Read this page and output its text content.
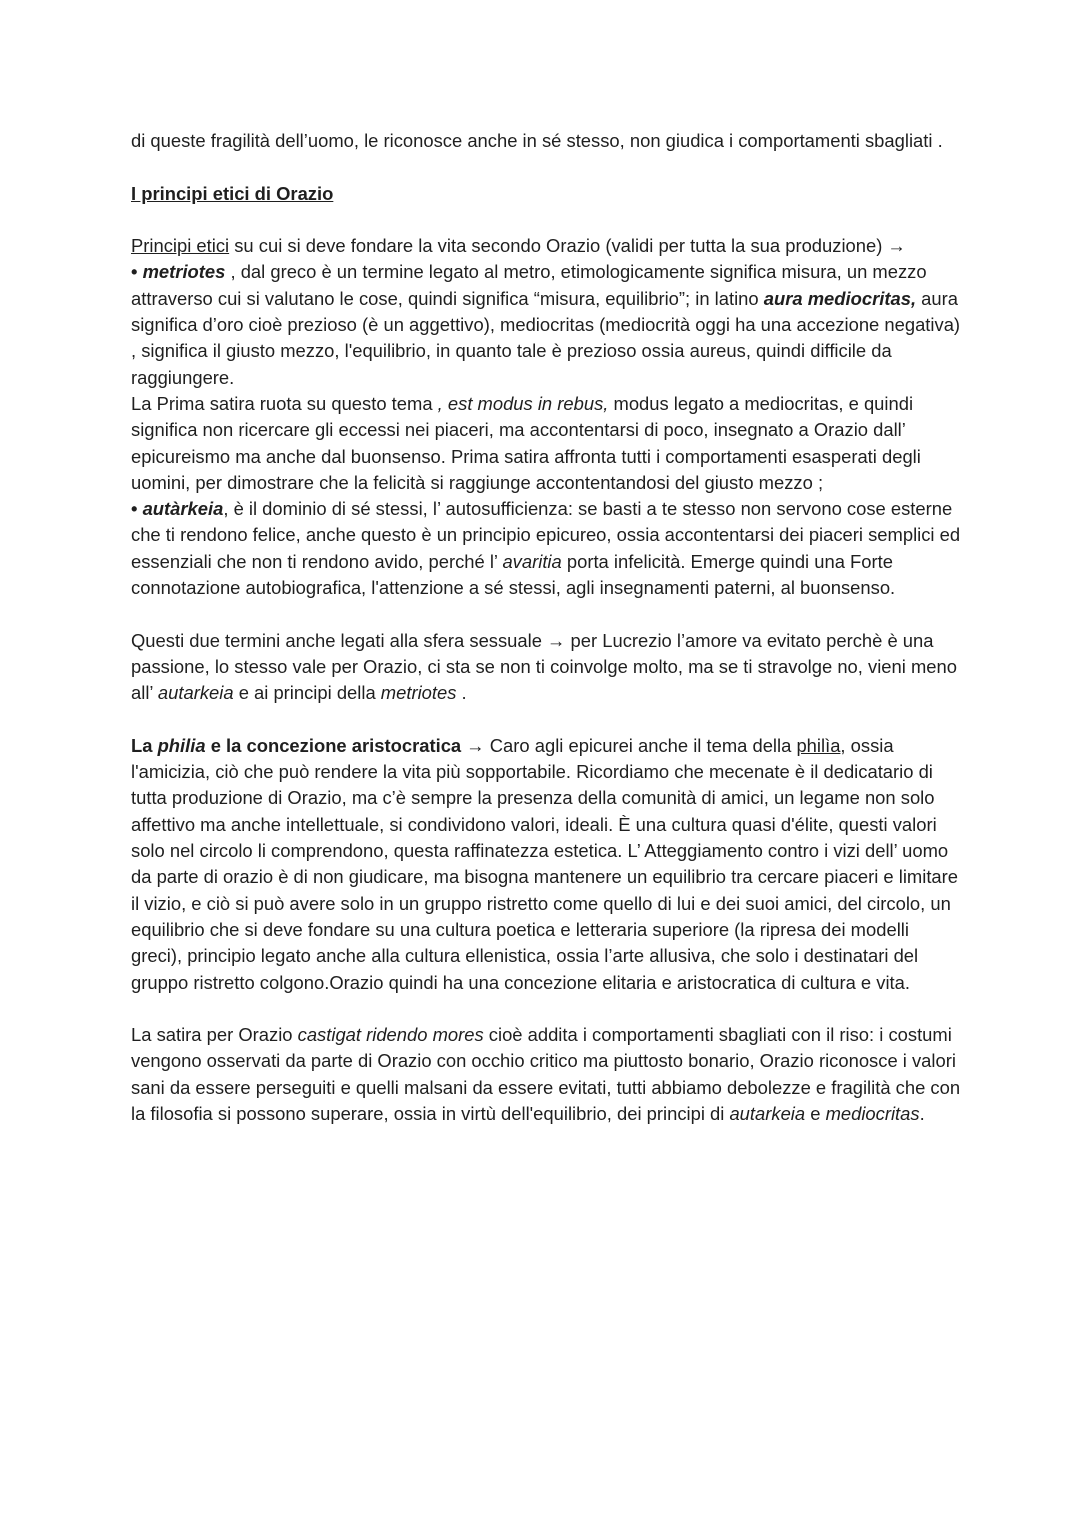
di queste fragilità dell’uomo, le riconosce anche in sé stesso, non giudica i comportamenti sbagliati .

I principi etici di Orazio

Principi etici su cui si deve fondare la vita secondo Orazio (validi per tutta la sua produzione) →

• metriotes , dal greco è un termine legato al metro, etimologicamente significa misura, un mezzo attraverso cui si valutano le cose, quindi significa “misura, equilibrio”; in latino aura mediocritas, aura significa d’oro cioè prezioso (è un aggettivo), mediocritas (mediocrità oggi ha una accezione negativa) , significa il giusto mezzo, l'equilibrio, in quanto tale è prezioso ossia aureus, quindi difficile da raggiungere.

La Prima satira ruota su questo tema , est modus in rebus, modus legato a mediocritas, e quindi significa non ricercare gli eccessi nei piaceri, ma accontentarsi di poco, insegnato a Orazio dall’ epicureismo ma anche dal buonsenso. Prima satira affronta tutti i comportamenti esasperati degli uomini, per dimostrare che la felicità si raggiunge accontentandosi del giusto mezzo ;

• autàrkeia, è il dominio di sé stessi, l’ autosufficienza: se basti a te stesso non servono cose esterne che ti rendono felice, anche questo è un principio epicureo, ossia accontentarsi dei piaceri semplici ed essenziali che non ti rendono avido, perché l’ avaritia porta infelicità. Emerge quindi una Forte connotazione autobiografica, l'attenzione a sé stessi, agli insegnamenti paterni, al buonsenso.

Questi due termini anche legati alla sfera sessuale → per Lucrezio l’amore va evitato perchè è una passione, lo stesso vale per Orazio, ci sta se non ti coinvolge molto, ma se ti stravolge no, vieni meno all’ autarkeia e ai principi della metriotes .

La philia e la concezione aristocratica → Caro agli epicurei anche il tema della philìa, ossia l'amicizia, ciò che può rendere la vita più sopportabile. Ricordiamo che mecenate è il dedicatario di tutta produzione di Orazio, ma c’è sempre la presenza della comunità di amici, un legame non solo affettivo ma anche intellettuale, si condividono valori, ideali. È una cultura quasi d'élite, questi valori solo nel circolo li comprendono, questa raffinatezza estetica. L’ Atteggiamento contro i vizi dell’ uomo da parte di orazio è di non giudicare, ma bisogna mantenere un equilibrio tra cercare piaceri e limitare il vizio, e ciò si può avere solo in un gruppo ristretto come quello di lui e dei suoi amici, del circolo, un equilibrio che si deve fondare su una cultura poetica e letteraria superiore (la ripresa dei modelli greci), principio legato anche alla cultura ellenistica, ossia l’arte allusiva, che solo i destinatari del gruppo ristretto colgono.Orazio quindi ha una concezione elitaria e aristocratica di cultura e vita.

La satira per Orazio castigat ridendo mores cioè addita i comportamenti sbagliati con il riso: i costumi vengono osservati da parte di Orazio con occhio critico ma piuttosto bonario, Orazio riconosce i valori sani da essere perseguiti e quelli malsani da essere evitati, tutti abbiamo debolezze e fragilità che con la filosofia si possono superare, ossia in virtù dell'equilibrio, dei principi di autarkeia e mediocritas.
